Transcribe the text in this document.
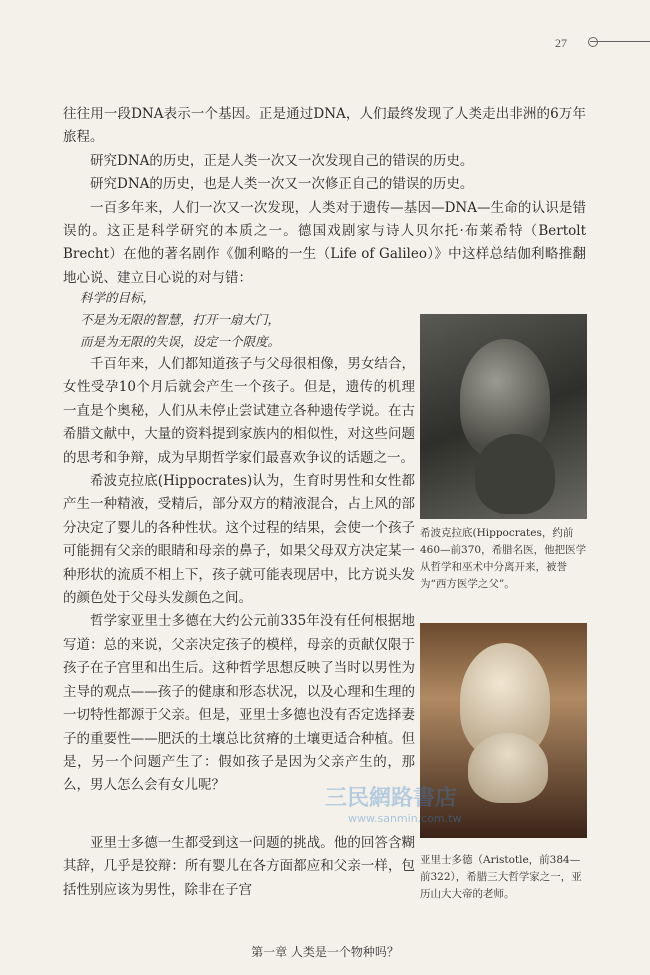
27

往往用一段DNA表示一个基因。正是通过DNA，人们最终发现了人类走出非洲的6万年旅程。

研究DNA的历史，正是人类一次又一次发现自己的错误的历史。

研究DNA的历史，也是人类一次又一次修正自己的错误的历史。

一百多年来，人们一次又一次发现，人类对于遗传—基因—DNA—生命的认识是错误的。这正是科学研究的本质之一。德国戏剧家与诗人贝尔托·布莱希特（Bertolt Brecht）在他的著名剧作《伽利略的一生（Life of Galileo）》中这样总结伽利略推翻地心说、建立日心说的对与错：

科学的目标，
不是为无限的智慧，打开一扇大门，
而是为无限的失误，设定一个限度。

千百年来，人们都知道孩子与父母很相像，男女结合，女性受孕10个月后就会产生一个孩子。但是，遗传的机理一直是个奥秘，人们从未停止尝试建立各种遗传学说。在古希腊文献中，大量的资料提到家族内的相似性，对这些问题的思考和争辩，成为早期哲学家们最喜欢争议的话题之一。

希波克拉底(Hippocrates)认为，生育时男性和女性都产生一种精液，受精后，部分双方的精液混合，占上风的部分决定了婴儿的各种性状。这个过程的结果，会使一个孩子可能拥有父亲的眼睛和母亲的鼻子，如果父母双方决定某一种形状的流质不相上下，孩子就可能表现居中，比方说头发的颜色处于父母头发颜色之间。

哲学家亚里士多德在大约公元前335年没有任何根据地写道：总的来说，父亲决定孩子的模样，母亲的贡献仅限于孩子在子宫里和出生后。这种哲学思想反映了当时以男性为主导的观点——孩子的健康和形态状况，以及心理和生理的一切特性都源于父亲。但是，亚里士多德也没有否定选择妻子的重要性——肥沃的土壤总比贫瘠的土壤更适合种植。但是，另一个问题产生了：假如孩子是因为父亲产生的，那么，男人怎么会有女儿呢？

亚里士多德一生都受到这一问题的挑战。他的回答含糊其辞，几乎是狡辩：所有婴儿在各方面都应和父亲一样，包括性别应该为男性，除非在子宫

希波克拉底(Hippocrates，约前460—前370，希腊名医，他把医学从哲学和巫术中分离开来，被誉为“西方医学之父”。
亚里士多德（Aristotle，前384—前322），希腊三大哲学家之一，亚历山大大帝的老师。
三民網路書店
www.sanmin.com.tw
第一章 人类是一个物种吗？
